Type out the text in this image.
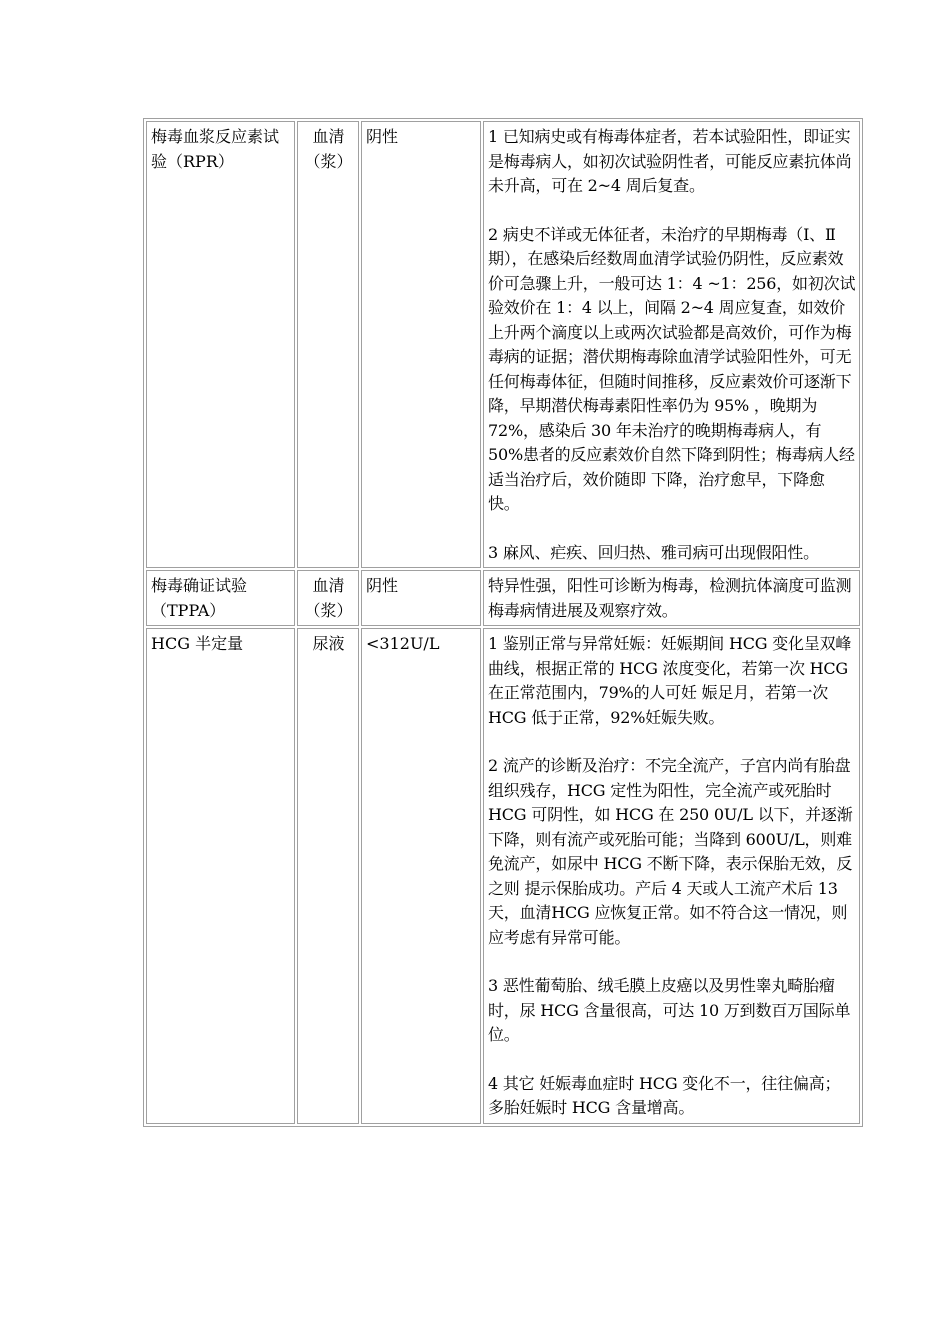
梅毒血浆反应素试验（RPR）	血清（浆）	阴性	1 已知病史或有梅毒体症者，若本试验阳性，即证实是梅毒病人，如初次试验阴性者，可能反应素抗体尚未升高，可在 2~4 周后复查。

2 病史不详或无体征者，未治疗的早期梅毒（Ⅰ、Ⅱ期），在感染后经数周血清学试验仍阴性，反应素效价可急骤上升，一般可达 1：4 ~1：256，如初次试验效价在 1：4 以上，间隔 2~4 周应复查，如效价上升两个滴度以上或两次试验都是高效价，可作为梅毒病的证据；潜伏期梅毒除血清学试验阳性外，可无任何梅毒体征，但随时间推移，反应素效价可逐渐下降，早期潜伏梅毒素阳性率仍为 95% ，晚期为 72%，感染后 30 年未治疗的晚期梅毒病人，有 50%患者的反应素效价自然下降到阴性；梅毒病人经适当治疗后，效价随即 下降，治疗愈早，下降愈快。

3 麻风、疟疾、回归热、雅司病可出现假阳性。

梅毒确证试验（TPPA）	血清（浆）	阴性	特异性强，阳性可诊断为梅毒，检测抗体滴度可监测梅毒病情进展及观察疗效。

HCG 半定量	尿液	<312U/L	1 鉴别正常与异常妊娠：妊娠期间 HCG 变化呈双峰曲线，根据正常的 HCG 浓度变化，若第一次 HCG 在正常范围内，79%的人可妊 娠足月，若第一次 HCG 低于正常，92%妊娠失败。

2 流产的诊断及治疗：不完全流产，子宫内尚有胎盘组织残存，HCG 定性为阳性，完全流产或死胎时 HCG 可阴性，如 HCG 在 250 0U/L 以下，并逐渐下降，则有流产或死胎可能；当降到 600U/L，则难免流产，如尿中 HCG 不断下降，表示保胎无效，反之则 提示保胎成功。产后 4 天或人工流产术后 13 天，血清HCG 应恢复正常。如不符合这一情况，则应考虑有异常可能。

3 恶性葡萄胎、绒毛膜上皮癌以及男性睾丸畸胎瘤时，尿 HCG 含量很高，可达 10 万到数百万国际单位。

4 其它 妊娠毒血症时 HCG 变化不一，往往偏高；多胎妊娠时 HCG 含量增高。
